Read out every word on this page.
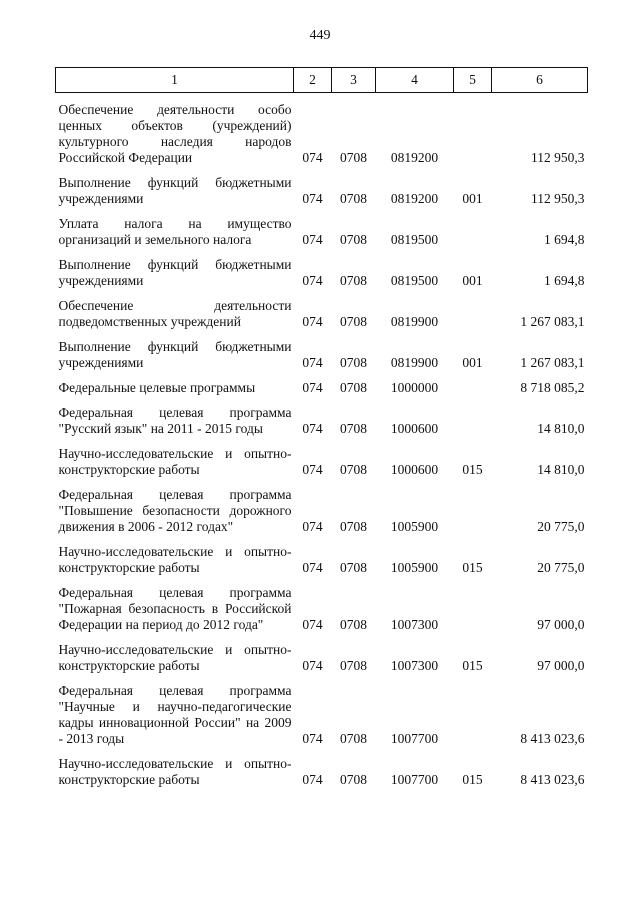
449
1	2	3	4	5	6

Обеспечение деятельности особо ценных объектов (учреждений) культурного наследия народов Российской Федерации	074	0708	0819200		112 950,3

Выполнение функций бюджетными учреждениями	074	0708	0819200	001	112 950,3

Уплата налога на имущество организаций и земельного налога	074	0708	0819500		1 694,8

Выполнение функций бюджетными учреждениями	074	0708	0819500	001	1 694,8

Обеспечение деятельности подведомственных учреждений	074	0708	0819900		1 267 083,1

Выполнение функций бюджетными учреждениями	074	0708	0819900	001	1 267 083,1

Федеральные целевые программы	074	0708	1000000		8 718 085,2

Федеральная целевая программа "Русский язык" на 2011 - 2015 годы	074	0708	1000600		14 810,0

Научно-исследовательские и опытно-конструкторские работы	074	0708	1000600	015	14 810,0

Федеральная целевая программа "Повышение безопасности дорожного движения в 2006 - 2012 годах"	074	0708	1005900		20 775,0

Научно-исследовательские и опытно-конструкторские работы	074	0708	1005900	015	20 775,0

Федеральная целевая программа "Пожарная безопасность в Российской Федерации на период до 2012 года"	074	0708	1007300		97 000,0

Научно-исследовательские и опытно-конструкторские работы	074	0708	1007300	015	97 000,0

Федеральная целевая программа "Научные и научно-педагогические кадры инновационной России" на 2009 - 2013 годы	074	0708	1007700		8 413 023,6

Научно-исследовательские и опытно-конструкторские работы	074	0708	1007700	015	8 413 023,6
